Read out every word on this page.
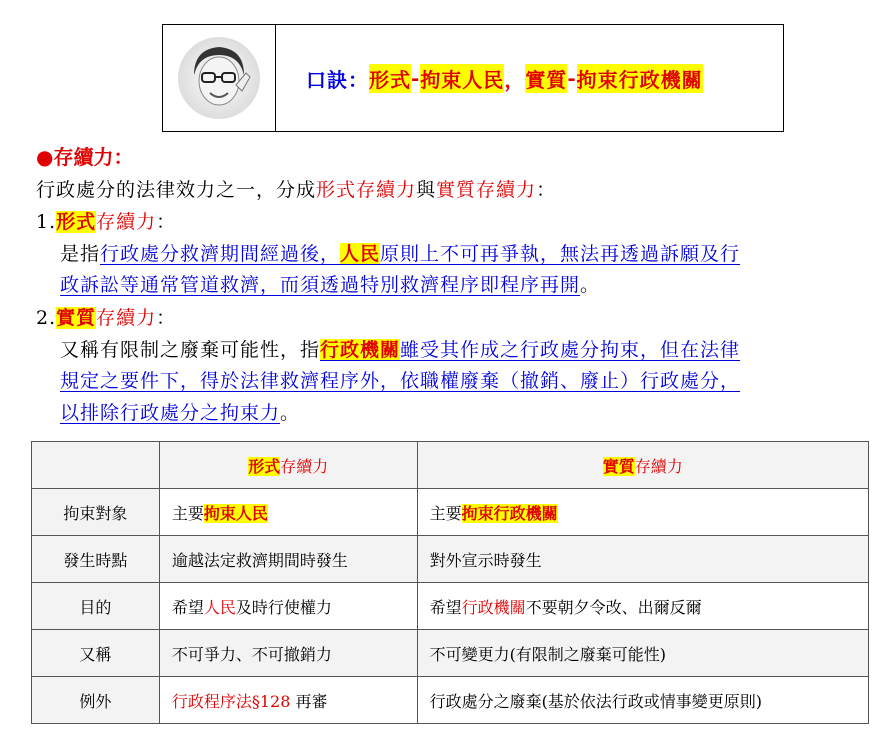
口訣： 形式 - 拘束人民 ， 實質 - 拘束行政機關
●存續力：
行政處分的法律效力之一，分成形式存續力與實質存續力：
1.形式存續力：
是指行政處分救濟期間經過後，人民原則上不可再爭執，無法再透過訴願及行
政訴訟等通常管道救濟，而須透過特別救濟程序即程序再開。
2.實質存續力：
又稱有限制之廢棄可能性，指行政機關雖受其作成之行政處分拘束，但在法律
規定之要件下，得於法律救濟程序外，依職權廢棄（撤銷、廢止）行政處分，
以排除行政處分之拘束力。
	形式存續力	實質存續力
拘束對象	主要拘束人民	主要拘束行政機關
發生時點	逾越法定救濟期間時發生	對外宣示時發生
目的	希望人民及時行使權力	希望行政機關不要朝夕令改、出爾反爾
又稱	不可爭力、不可撤銷力	不可變更力(有限制之廢棄可能性)
例外	行政程序法§128 再審	行政處分之廢棄(基於依法行政或情事變更原則)
